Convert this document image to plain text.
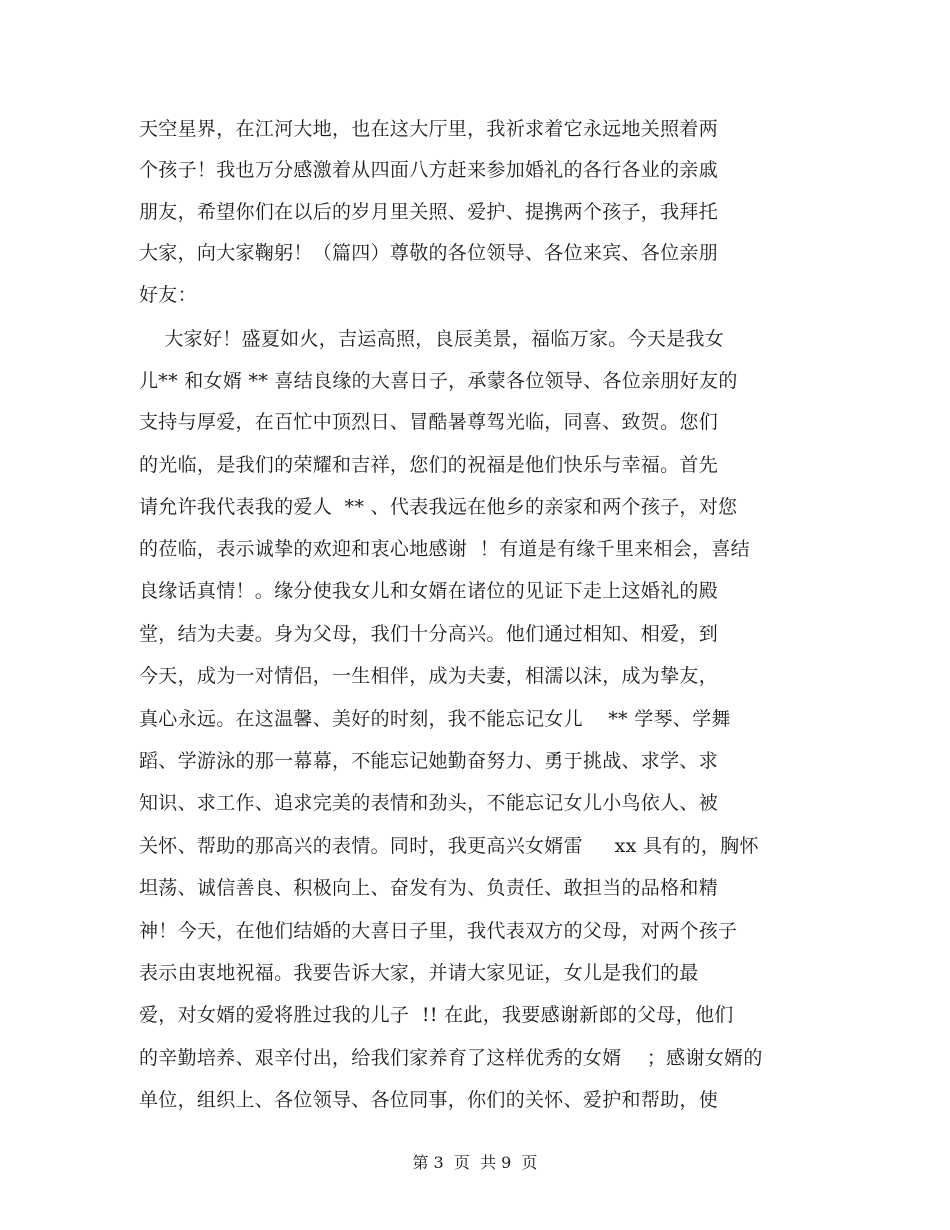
天空星界，在江河大地，也在这大厅里，我祈求着它永远地关照着两
个孩子！我也万分感激着从四面八方赶来参加婚礼的各行各业的亲戚
朋友，希望你们在以后的岁月里关照、爱护、提携两个孩子，我拜托
大家，向大家鞠躬！（篇四）尊敬的各位领导、各位来宾、各位亲朋
好友：
大家好！盛夏如火，吉运高照，良辰美景，福临万家。今天是我女
儿** 和女婿 ** 喜结良缘的大喜日子，承蒙各位领导、各位亲朋好友的
支持与厚爱，在百忙中顶烈日、冒酷暑尊驾光临，同喜、致贺。您们
的光临，是我们的荣耀和吉祥，您们的祝福是他们快乐与幸福。首先
请允许我代表我的爱人  ** 、代表我远在他乡的亲家和两个孩子，对您
的莅临，表示诚挚的欢迎和衷心地感谢  ！有道是有缘千里来相会，喜结
良缘话真情！。缘分使我女儿和女婿在诸位的见证下走上这婚礼的殿
堂，结为夫妻。身为父母，我们十分高兴。他们通过相知、相爱，到
今天，成为一对情侣，一生相伴，成为夫妻，相濡以沫，成为挚友，
真心永远。在这温馨、美好的时刻，我不能忘记女儿    ** 学琴、学舞
蹈、学游泳的那一幕幕，不能忘记她勤奋努力、勇于挑战、求学、求
知识、求工作、追求完美的表情和劲头，不能忘记女儿小鸟依人、被
关怀、帮助的那高兴的表情。同时，我更高兴女婿雷     xx 具有的，胸怀
坦荡、诚信善良、积极向上、奋发有为、负责任、敢担当的品格和精
神！今天，在他们结婚的大喜日子里，我代表双方的父母，对两个孩子
表示由衷地祝福。我要告诉大家，并请大家见证，女儿是我们的最
爱，对女婿的爱将胜过我的儿子  !! 在此，我要感谢新郎的父母，他们
的辛勤培养、艰辛付出，给我们家养育了这样优秀的女婿    ；感谢女婿的
单位，组织上、各位领导、各位同事，你们的关怀、爱护和帮助，使
第 3  页  共 9  页
